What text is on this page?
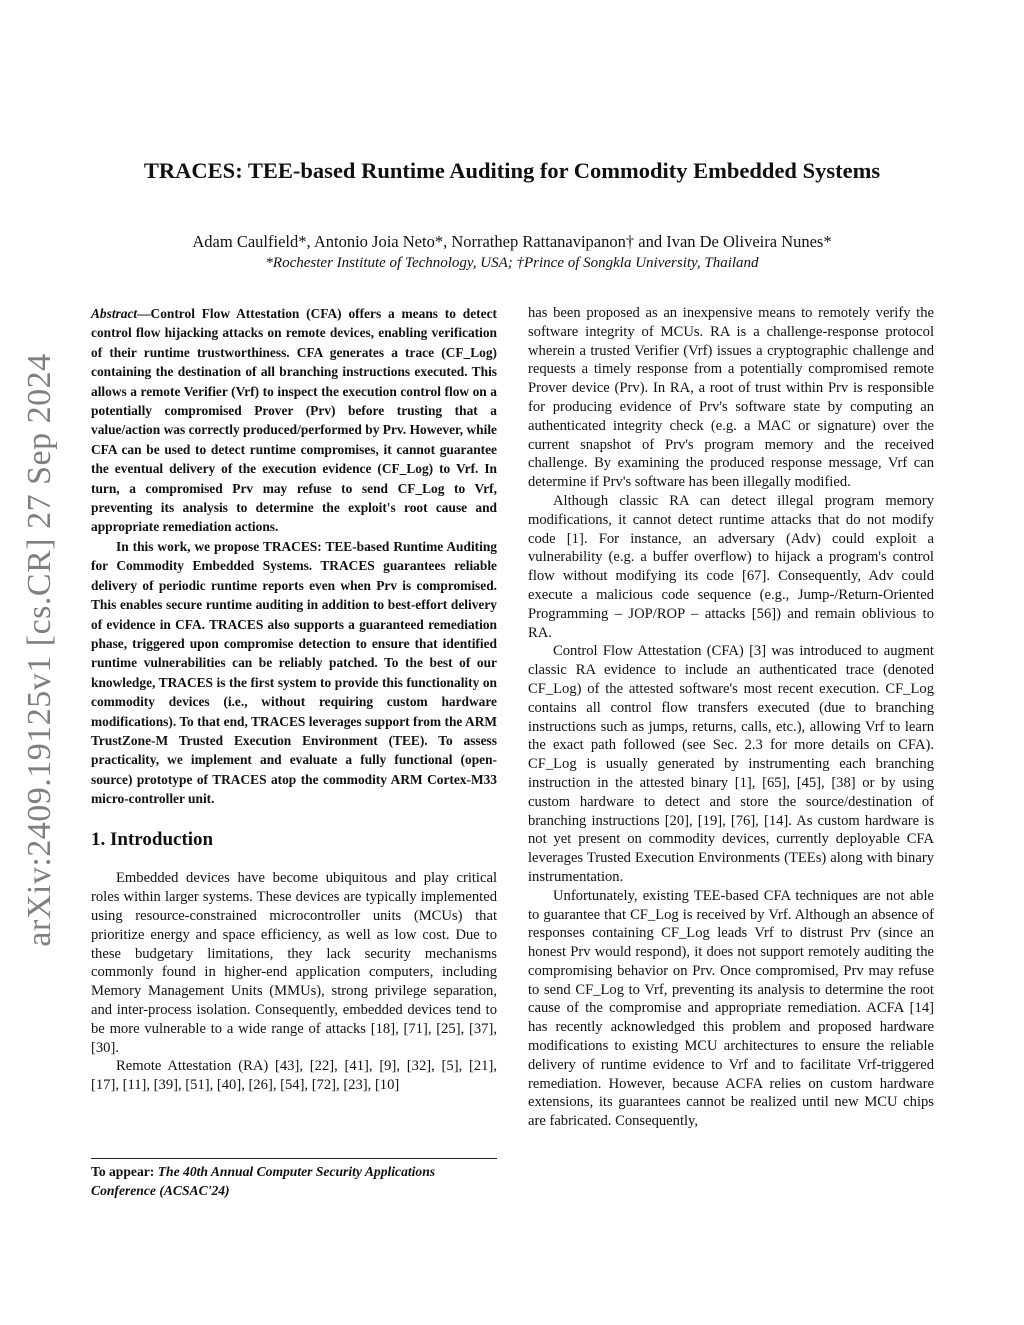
arXiv:2409.19125v1 [cs.CR] 27 Sep 2024
TRACES: TEE-based Runtime Auditing for Commodity Embedded Systems
Adam Caulfield*, Antonio Joia Neto*, Norrathep Rattanavipanon† and Ivan De Oliveira Nunes*
*Rochester Institute of Technology, USA; †Prince of Songkla University, Thailand

Abstract—Control Flow Attestation (CFA) offers a means to detect control flow hijacking attacks on remote devices, enabling verification of their runtime trustworthiness. CFA generates a trace (CF_Log) containing the destination of all branching instructions executed. This allows a remote Verifier (Vrf) to inspect the execution control flow on a potentially compromised Prover (Prv) before trusting that a value/action was correctly produced/performed by Prv. However, while CFA can be used to detect runtime compromises, it cannot guarantee the eventual delivery of the execution evidence (CF_Log) to Vrf. In turn, a compromised Prv may refuse to send CF_Log to Vrf, preventing its analysis to determine the exploit's root cause and appropriate remediation actions.

In this work, we propose TRACES: TEE-based Runtime Auditing for Commodity Embedded Systems. TRACES guarantees reliable delivery of periodic runtime reports even when Prv is compromised. This enables secure runtime auditing in addition to best-effort delivery of evidence in CFA. TRACES also supports a guaranteed remediation phase, triggered upon compromise detection to ensure that identified runtime vulnerabilities can be reliably patched. To the best of our knowledge, TRACES is the first system to provide this functionality on commodity devices (i.e., without requiring custom hardware modifications). To that end, TRACES leverages support from the ARM TrustZone-M Trusted Execution Environment (TEE). To assess practicality, we implement and evaluate a fully functional (open-source) prototype of TRACES atop the commodity ARM Cortex-M33 micro-controller unit.

1. Introduction

Embedded devices have become ubiquitous and play critical roles within larger systems. These devices are typically implemented using resource-constrained microcontroller units (MCUs) that prioritize energy and space efficiency, as well as low cost. Due to these budgetary limitations, they lack security mechanisms commonly found in higher-end application computers, including Memory Management Units (MMUs), strong privilege separation, and inter-process isolation. Consequently, embedded devices tend to be more vulnerable to a wide range of attacks [18], [71], [25], [37], [30].

Remote Attestation (RA) [43], [22], [41], [9], [32], [5], [21], [17], [11], [39], [51], [40], [26], [54], [72], [23], [10]

has been proposed as an inexpensive means to remotely verify the software integrity of MCUs. RA is a challenge-response protocol wherein a trusted Verifier (Vrf) issues a cryptographic challenge and requests a timely response from a potentially compromised remote Prover device (Prv). In RA, a root of trust within Prv is responsible for producing evidence of Prv's software state by computing an authenticated integrity check (e.g. a MAC or signature) over the current snapshot of Prv's program memory and the received challenge. By examining the produced response message, Vrf can determine if Prv's software has been illegally modified.

Although classic RA can detect illegal program memory modifications, it cannot detect runtime attacks that do not modify code [1]. For instance, an adversary (Adv) could exploit a vulnerability (e.g. a buffer overflow) to hijack a program's control flow without modifying its code [67]. Consequently, Adv could execute a malicious code sequence (e.g., Jump-/Return-Oriented Programming – JOP/ROP – attacks [56]) and remain oblivious to RA.

Control Flow Attestation (CFA) [3] was introduced to augment classic RA evidence to include an authenticated trace (denoted CF_Log) of the attested software's most recent execution. CF_Log contains all control flow transfers executed (due to branching instructions such as jumps, returns, calls, etc.), allowing Vrf to learn the exact path followed (see Sec. 2.3 for more details on CFA). CF_Log is usually generated by instrumenting each branching instruction in the attested binary [1], [65], [45], [38] or by using custom hardware to detect and store the source/destination of branching instructions [20], [19], [76], [14]. As custom hardware is not yet present on commodity devices, currently deployable CFA leverages Trusted Execution Environments (TEEs) along with binary instrumentation.

Unfortunately, existing TEE-based CFA techniques are not able to guarantee that CF_Log is received by Vrf. Although an absence of responses containing CF_Log leads Vrf to distrust Prv (since an honest Prv would respond), it does not support remotely auditing the compromising behavior on Prv. Once compromised, Prv may refuse to send CF_Log to Vrf, preventing its analysis to determine the root cause of the compromise and appropriate remediation. ACFA [14] has recently acknowledged this problem and proposed hardware modifications to existing MCU architectures to ensure the reliable delivery of runtime evidence to Vrf and to facilitate Vrf-triggered remediation. However, because ACFA relies on custom hardware extensions, its guarantees cannot be realized until new MCU chips are fabricated. Consequently,

To appear: The 40th Annual Computer Security Applications Conference (ACSAC'24)
